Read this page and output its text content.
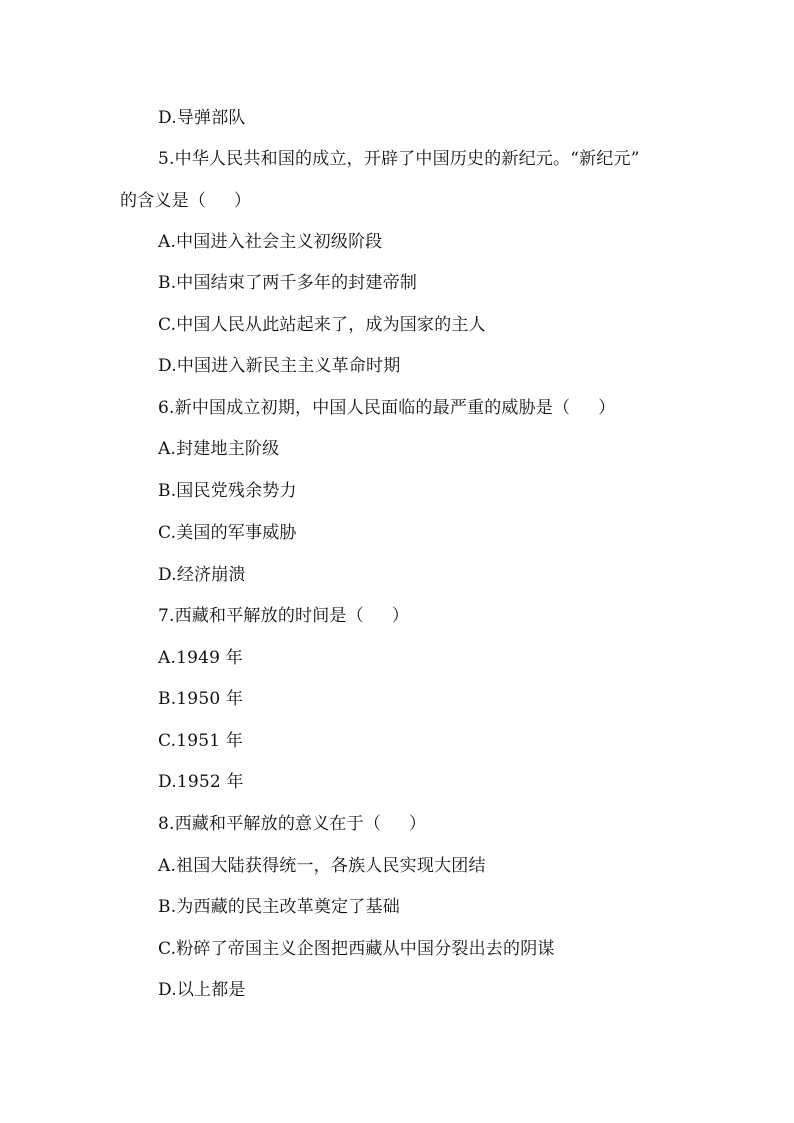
D.导弹部队
5.中华人民共和国的成立，开辟了中国历史的新纪元。“新纪元”
的含义是（ ）
A.中国进入社会主义初级阶段
B.中国结束了两千多年的封建帝制
C.中国人民从此站起来了，成为国家的主人
D.中国进入新民主主义革命时期
6.新中国成立初期，中国人民面临的最严重的威胁是（ ）
A.封建地主阶级
B.国民党残余势力
C.美国的军事威胁
D.经济崩溃
7.西藏和平解放的时间是（ ）
A.1949 年
B.1950 年
C.1951 年
D.1952 年
8.西藏和平解放的意义在于（ ）
A.祖国大陆获得统一，各族人民实现大团结
B.为西藏的民主改革奠定了基础
C.粉碎了帝国主义企图把西藏从中国分裂出去的阴谋
D.以上都是
